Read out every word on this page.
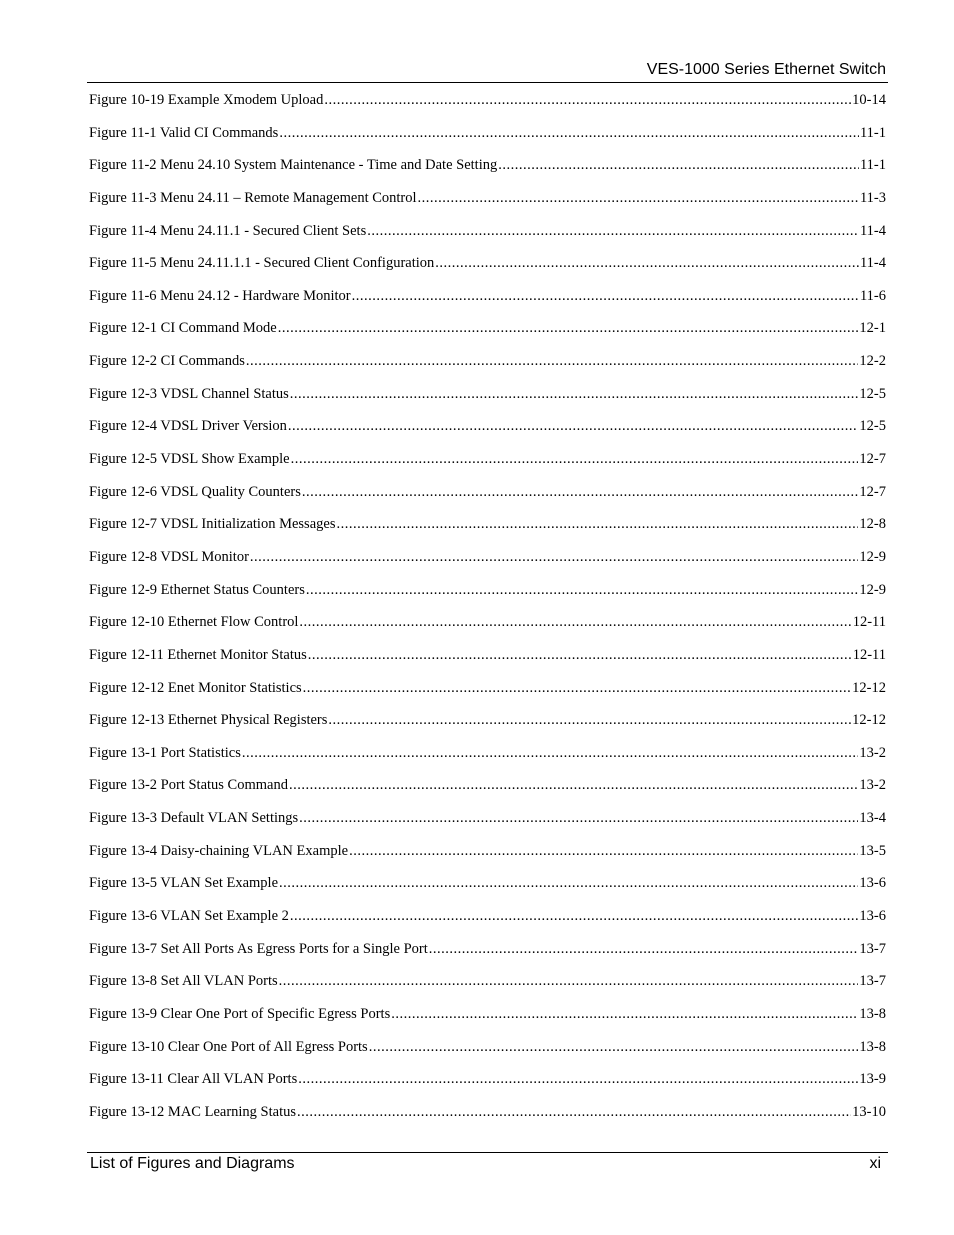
VES-1000 Series Ethernet Switch
Figure 10-19 Example Xmodem Upload .....	10-14
Figure 11-1 Valid CI Commands .....	11-1
Figure 11-2 Menu 24.10 System Maintenance - Time and Date Setting .....	11-1
Figure 11-3 Menu 24.11 – Remote Management Control .....	11-3
Figure 11-4 Menu 24.11.1 - Secured Client Sets .....	11-4
Figure 11-5 Menu 24.11.1.1 - Secured Client Configuration .....	11-4
Figure 11-6 Menu 24.12 - Hardware Monitor .....	11-6
Figure 12-1 CI Command Mode .....	12-1
Figure 12-2 CI Commands .....	12-2
Figure 12-3 VDSL Channel Status .....	12-5
Figure 12-4 VDSL Driver Version .....	12-5
Figure 12-5 VDSL Show Example .....	12-7
Figure 12-6 VDSL Quality Counters .....	12-7
Figure 12-7 VDSL Initialization Messages .....	12-8
Figure 12-8 VDSL Monitor .....	12-9
Figure 12-9 Ethernet Status Counters .....	12-9
Figure 12-10 Ethernet Flow Control .....	12-11
Figure 12-11 Ethernet Monitor Status .....	12-11
Figure 12-12 Enet Monitor Statistics .....	12-12
Figure 12-13 Ethernet Physical Registers .....	12-12
Figure 13-1 Port Statistics .....	13-2
Figure 13-2 Port Status Command .....	13-2
Figure 13-3 Default VLAN Settings .....	13-4
Figure 13-4 Daisy-chaining VLAN Example .....	13-5
Figure 13-5 VLAN Set Example .....	13-6
Figure 13-6 VLAN Set Example 2 .....	13-6
Figure 13-7 Set All Ports As Egress Ports for a Single Port .....	13-7
Figure 13-8 Set All VLAN Ports .....	13-7
Figure 13-9 Clear One Port of Specific Egress Ports .....	13-8
Figure 13-10 Clear One Port of All Egress Ports .....	13-8
Figure 13-11 Clear All VLAN Ports .....	13-9
Figure 13-12 MAC Learning Status .....	13-10
List of Figures and Diagrams	xi
